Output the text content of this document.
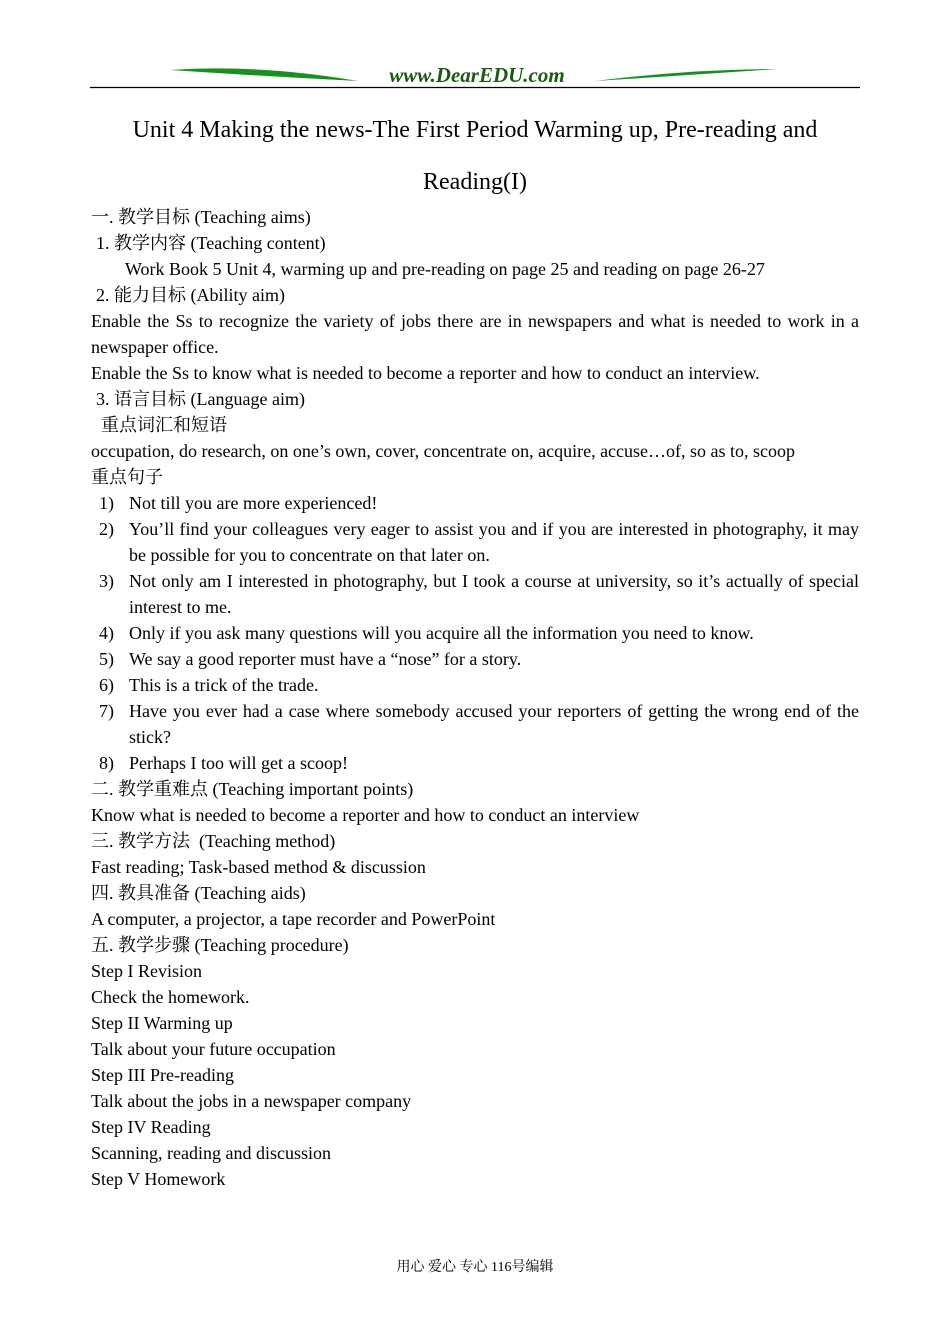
www.DearEDU.com
Unit 4 Making the news-The First Period Warming up, Pre-reading and Reading(I)
一. 教学目标 (Teaching aims)
1. 教学内容 (Teaching content)
Work Book 5 Unit 4, warming up and pre-reading on page 25 and reading on page 26-27
2. 能力目标 (Ability aim)
Enable the Ss to recognize the variety of jobs there are in newspapers and what is needed to work in a newspaper office.
Enable the Ss to know what is needed to become a reporter and how to conduct an interview.
3. 语言目标 (Language aim)
重点词汇和短语
occupation, do research, on one’s own, cover, concentrate on, acquire, accuse…of, so as to, scoop
重点句子
1) Not till you are more experienced!
2) You’ll find your colleagues very eager to assist you and if you are interested in photography, it may be possible for you to concentrate on that later on.
3) Not only am I interested in photography, but I took a course at university, so it’s actually of special interest to me.
4) Only if you ask many questions will you acquire all the information you need to know.
5) We say a good reporter must have a “nose” for a story.
6) This is a trick of the trade.
7) Have you ever had a case where somebody accused your reporters of getting the wrong end of the stick?
8) Perhaps I too will get a scoop!
二. 教学重难点 (Teaching important points)
Know what is needed to become a reporter and how to conduct an interview
三. 教学方法  (Teaching method)
Fast reading; Task-based method & discussion
四. 教具准备 (Teaching aids)
A computer, a projector, a tape recorder and PowerPoint
五. 教学步骤 (Teaching procedure)
Step I Revision
Check the homework.
Step II Warming up
Talk about your future occupation
Step III Pre-reading
Talk about the jobs in a newspaper company
Step IV Reading
Scanning, reading and discussion
Step V Homework
用心 爱心 专心 116号编辑
